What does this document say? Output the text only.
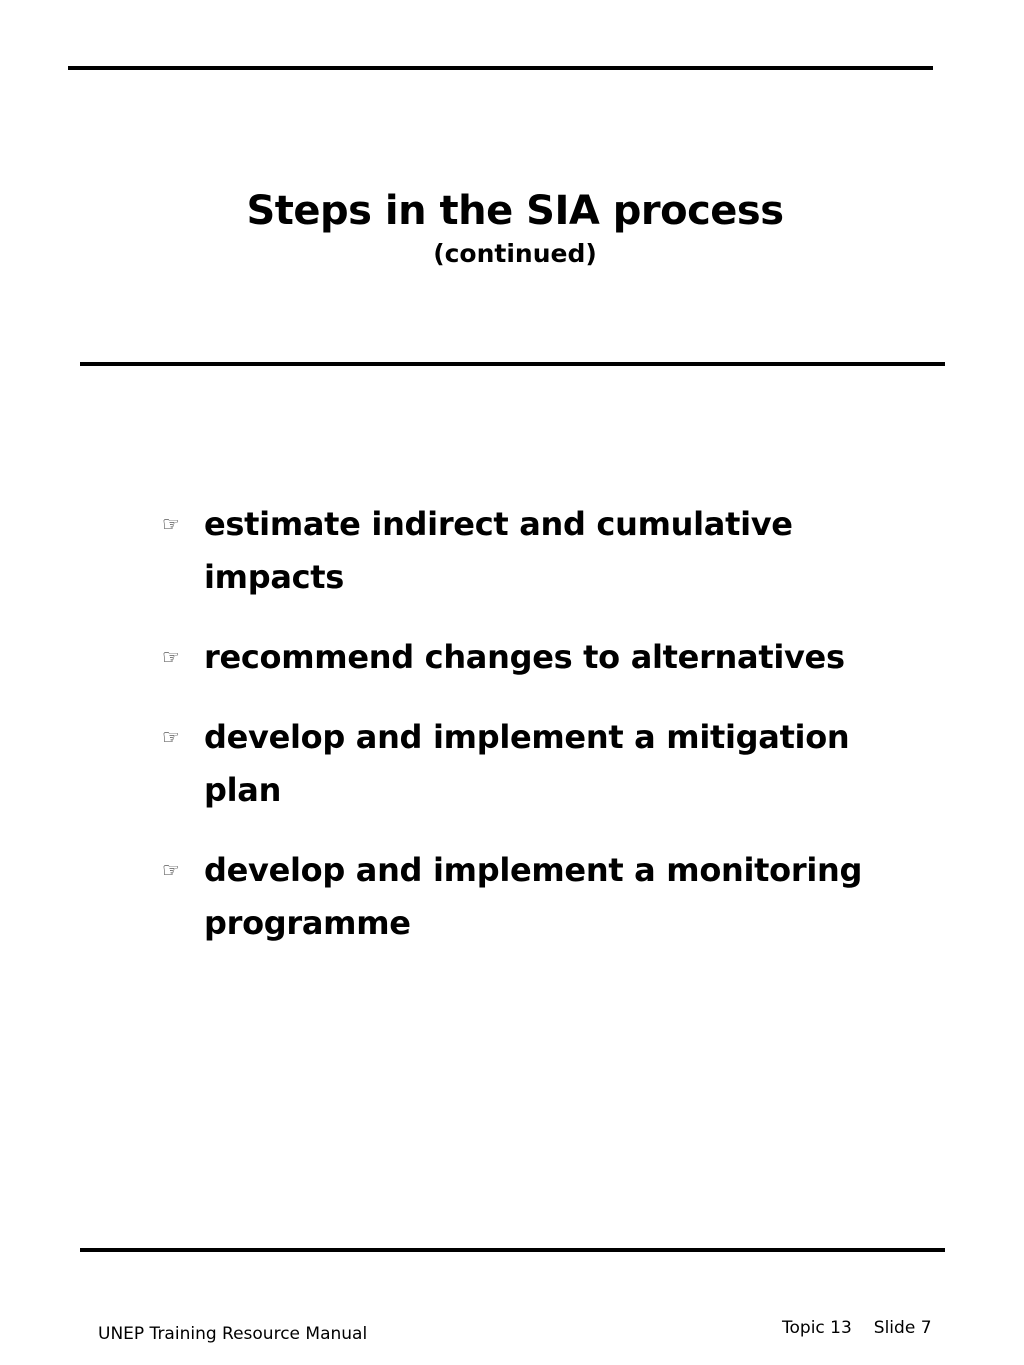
Steps in the SIA process
(continued)
☞ estimate indirect and cumulative impacts
☞ recommend changes to alternatives
☞ develop and implement a mitigation plan
☞ develop and implement a monitoring programme
UNEP Training Resource Manual	Topic 13 Slide 7
